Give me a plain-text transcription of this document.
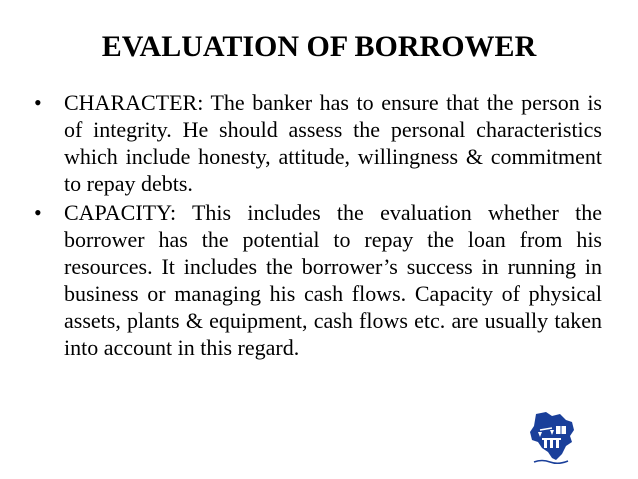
EVALUATION OF BORROWER
• CHARACTER: The banker has to ensure that the person is of integrity. He should assess the personal characteristics which include honesty, attitude, willingness & commitment to repay debts.
• CAPACITY: This includes the evaluation whether the borrower has the potential to repay the loan from his resources. It includes the borrower’s success in running in business or managing his cash flows. Capacity of physical assets, plants & equipment, cash flows etc. are usually taken into account in this regard.
